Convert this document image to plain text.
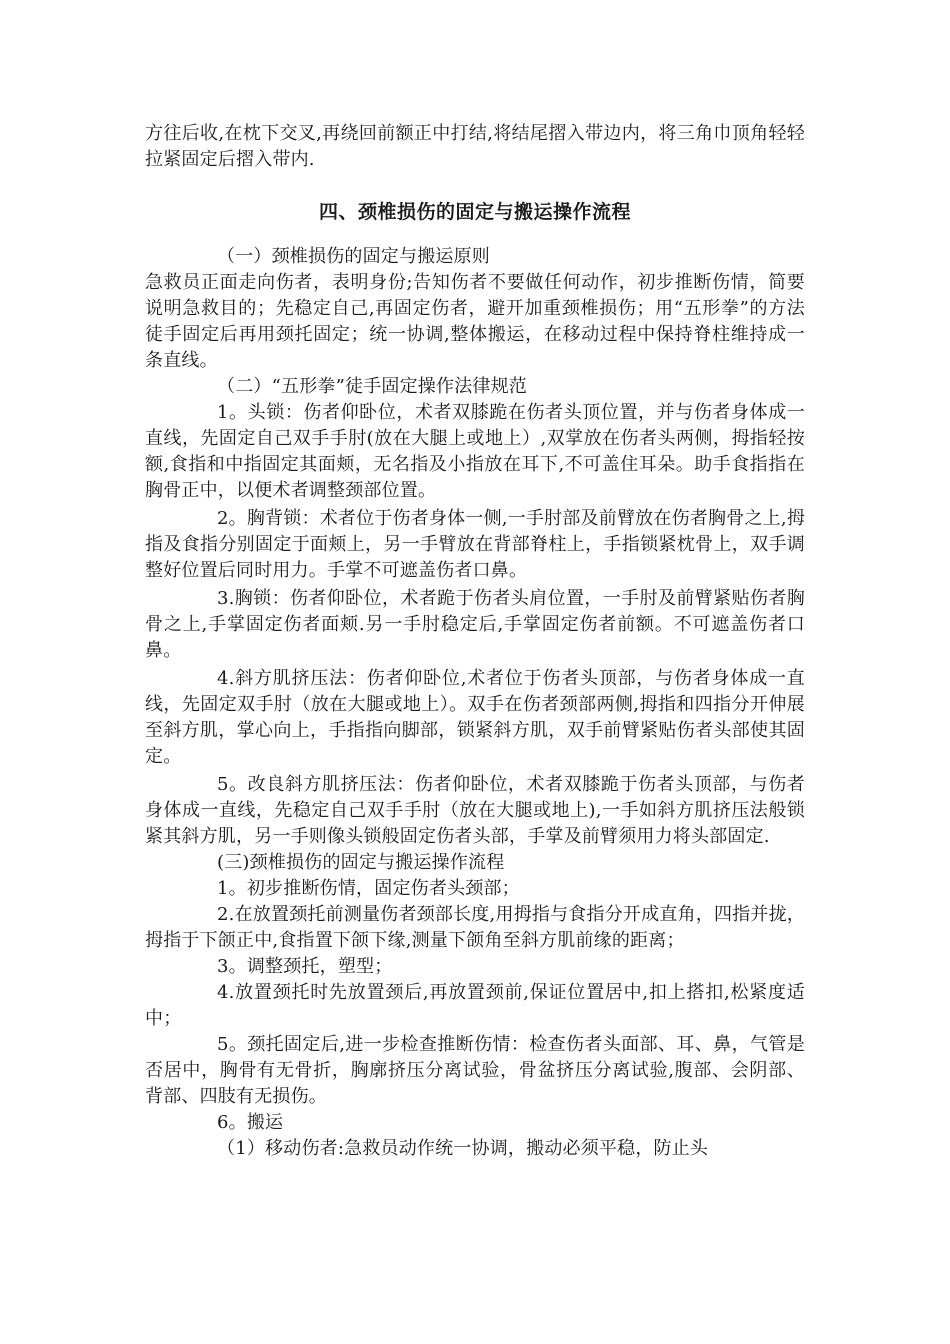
方往后收,在枕下交叉,再绕回前额正中打结,将结尾摺入带边内，将三角巾顶角轻轻拉紧固定后摺入带内.

四、颈椎损伤的固定与搬运操作流程

（一）颈椎损伤的固定与搬运原则

急救员正面走向伤者，表明身份;告知伤者不要做任何动作，初步推断伤情，简要说明急救目的；先稳定自己,再固定伤者，避开加重颈椎损伤；用“五形拳”的方法徒手固定后再用颈托固定；统一协调,整体搬运，在移动过程中保持脊柱维持成一条直线。

（二）“五形拳”徒手固定操作法律规范

1。头锁：伤者仰卧位，术者双膝跪在伤者头顶位置，并与伤者身体成一直线，先固定自己双手手肘(放在大腿上或地上）,双掌放在伤者头两侧，拇指轻按额,食指和中指固定其面颊，无名指及小指放在耳下,不可盖住耳朵。助手食指指在胸骨正中，以便术者调整颈部位置。

2。胸背锁：术者位于伤者身体一侧,一手肘部及前臂放在伤者胸骨之上,拇指及食指分别固定于面颊上，另一手臂放在背部脊柱上，手指锁紧枕骨上，双手调整好位置后同时用力。手掌不可遮盖伤者口鼻。

3.胸锁：伤者仰卧位，术者跪于伤者头肩位置，一手肘及前臂紧贴伤者胸骨之上,手掌固定伤者面颊.另一手肘稳定后,手掌固定伤者前额。不可遮盖伤者口鼻。

4.斜方肌挤压法：伤者仰卧位,术者位于伤者头顶部，与伤者身体成一直线，先固定双手肘（放在大腿或地上）。双手在伤者颈部两侧,拇指和四指分开伸展至斜方肌，掌心向上，手指指向脚部，锁紧斜方肌，双手前臂紧贴伤者头部使其固定。

5。改良斜方肌挤压法：伤者仰卧位，术者双膝跪于伤者头顶部，与伤者身体成一直线，先稳定自己双手手肘（放在大腿或地上),一手如斜方肌挤压法般锁紧其斜方肌，另一手则像头锁般固定伤者头部，手掌及前臂须用力将头部固定.

(三)颈椎损伤的固定与搬运操作流程

1。初步推断伤情，固定伤者头颈部；

2.在放置颈托前测量伤者颈部长度,用拇指与食指分开成直角，四指并拢，拇指于下颌正中,食指置下颌下缘,测量下颌角至斜方肌前缘的距离；

3。调整颈托，塑型；

4.放置颈托时先放置颈后,再放置颈前,保证位置居中,扣上搭扣,松紧度适中；

5。颈托固定后,进一步检查推断伤情：检查伤者头面部、耳、鼻，气管是否居中，胸骨有无骨折，胸廓挤压分离试验，骨盆挤压分离试验,腹部、会阴部、背部、四肢有无损伤。

6。搬运

（1）移动伤者:急救员动作统一协调，搬动必须平稳，防止头
